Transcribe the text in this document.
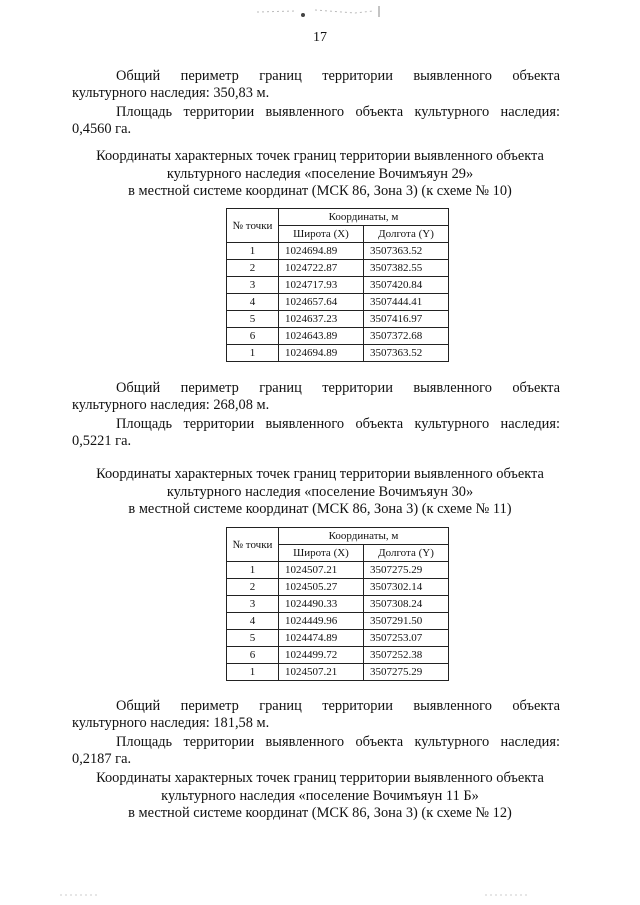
17

Общий периметр границ территории выявленного объекта
культурного наследия: 350,83 м.

Площадь территории выявленного объекта культурного наследия:
0,4560 га.

Координаты характерных точек границ территории выявленного объекта
культурного наследия «поселение Вочимъяун 29»
в местной системе координат (МСК 86, Зона 3) (к схеме № 10)
№ точки	Координаты, м	
	Широта (X)	Долгота (Y)
1	1024694.89	3507363.52
2	1024722.87	3507382.55
3	1024717.93	3507420.84
4	1024657.64	3507444.41
5	1024637.23	3507416.97
6	1024643.89	3507372.68
1	1024694.89	3507363.52

Общий периметр границ территории выявленного объекта
культурного наследия: 268,08 м.

Площадь территории выявленного объекта культурного наследия:
0,5221 га.

Координаты характерных точек границ территории выявленного объекта
культурного наследия «поселение Вочимъяун 30»
в местной системе координат (МСК 86, Зона 3) (к схеме № 11)
№ точки	Координаты, м	
	Широта (X)	Долгота (Y)
1	1024507.21	3507275.29
2	1024505.27	3507302.14
3	1024490.33	3507308.24
4	1024449.96	3507291.50
5	1024474.89	3507253.07
6	1024499.72	3507252.38
1	1024507.21	3507275.29

Общий периметр границ территории выявленного объекта
культурного наследия: 181,58 м.

Площадь территории выявленного объекта культурного наследия:
0,2187 га.

Координаты характерных точек границ территории выявленного объекта
культурного наследия «поселение Вочимъяун 11 Б»
в местной системе координат (МСК 86, Зона 3) (к схеме № 12)
